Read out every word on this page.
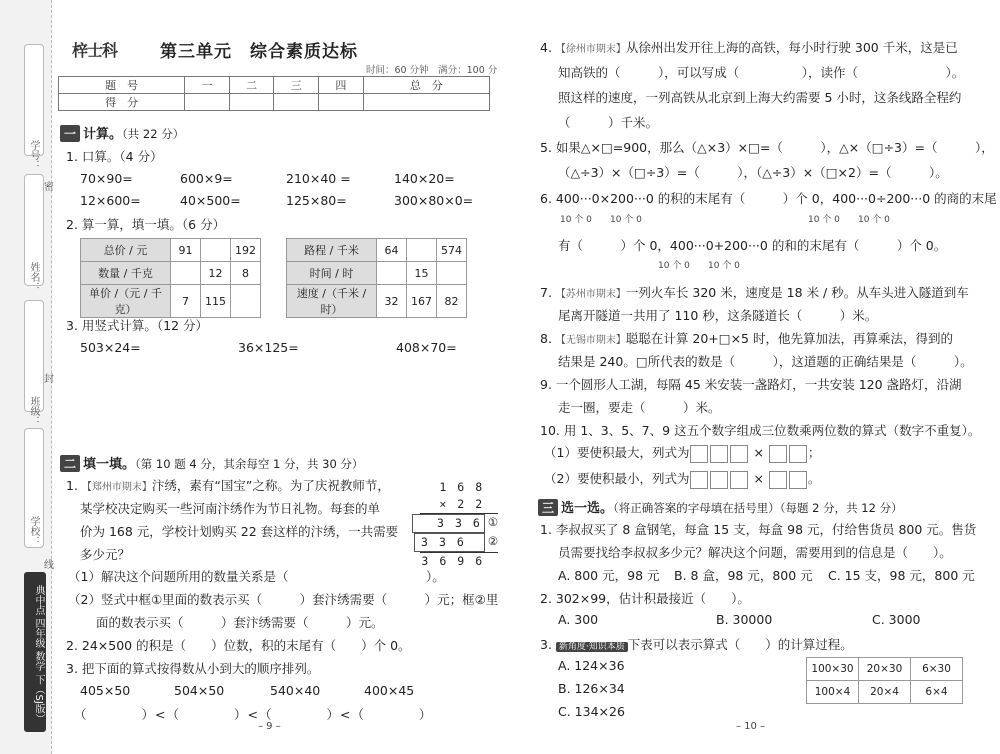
学号：
密
姓名：
封
班级：
学校：
线
典中点 四年级 数学 下（SJ版）
梓士科	第三单元　综合素质达标
时间：60 分钟　满分：100 分
题　号	一	二	三	四	总　分
得　分					
一 计算。（共 22 分）
1. 口算。（4 分）
70×90=	600×9=	210×40 =	140×20=
12×600=	40×500=	125×80=	300×80×0=
2. 算一算，填一填。（6 分）
总价 / 元	91		192
数量 / 千克		12	8
单价 /（元 / 千克）	7	115	
路程 / 千米	64		574
时间 / 时		15	
速度 /（千米 / 时）	32	167	82
3. 用竖式计算。（12 分）
503×24=	36×125=	408×70=
二 填一填。（第 10 题 4 分，其余每空 1 分，共 30 分）
1. 【郑州市期末】汴绣，素有“国宝”之称。为了庆祝教师节，
某学校决定购买一些河南汴绣作为节日礼物。每套的单
价为 168 元，学校计划购买 22 套这样的汴绣，一共需要
多少元？
1 6 8
× 2 2
3 3 6 ①
3 3 6 ②
3 6 9 6
（1）解决这个问题所用的数量关系是（　　　　　　　　　　　）。
（2）竖式中框①里面的数表示买（　　　）套汴绣需要（　　　）元；框②里
面的数表示买（　　　）套汴绣需要（　　　）元。
2. 24×500 的积是（　　）位数，积的末尾有（　　）个 0。
3. 把下面的算式按得数从小到大的顺序排列。
405×50	504×50	540×40	400×45
（　　　　）<（　　　　）<（　　　　）<（　　　　）
– 9 –
4. 【徐州市期末】从徐州出发开往上海的高铁，每小时行驶 300 千米，这是已
知高铁的（　　　），可以写成（　　　　　），读作（　　　　　　　）。
照这样的速度，一列高铁从北京到上海大约需要 5 小时，这条线路全程约
（　　　）千米。
5. 如果△×□=900，那么（△×3）×□=（　　　），△×（□÷3）=（　　　），
（△÷3）×（□÷3）=（　　　），（△÷3）×（□×2）=（　　　）。
6. 400···0×200···0 的积的末尾有（　　　）个 0，400···0÷200···0 的商的末尾
10 个 0 10 个 0	10 个 0 10 个 0
有（　　　）个 0，400···0+200···0 的和的末尾有（　　　）个 0。
10 个 0 10 个 0
7. 【苏州市期末】一列火车长 320 米，速度是 18 米 / 秒。从车头进入隧道到车
尾离开隧道一共用了 110 秒，这条隧道长（　　　）米。
8. 【无锡市期末】聪聪在计算 20+□×5 时，他先算加法，再算乘法，得到的
结果是 240。□所代表的数是（　　　），这道题的正确结果是（　　　）。
9. 一个圆形人工湖，每隔 45 米安装一盏路灯，一共安装 120 盏路灯，沿湖
走一圈，要走（　　　）米。
10. 用 1、3、5、7、9 这五个数字组成三位数乘两位数的算式（数字不重复）。
（1）要使积最大，列式为	×	；
（2）要使积最小，列式为	×	。
三 选一选。（将正确答案的字母填在括号里）（每题 2 分，共 12 分）
1. 李叔叔买了 8 盒钢笔，每盒 15 支，每盒 98 元，付给售货员 800 元。售货
员需要找给李叔叔多少元？解决这个问题，需要用到的信息是（　　）。
A. 800 元，98 元 B. 8 盒，98 元，800 元 C. 15 支，98 元，800 元
2. 302×99，估计积最接近（　　）。
A. 300	B. 30000	C. 3000
3. 新角度·知识本质 下表可以表示算式（　　）的计算过程。
A. 124×36
B. 126×34
C. 134×26
100×30	20×30	6×30
100×4	20×4	6×4
– 10 –
